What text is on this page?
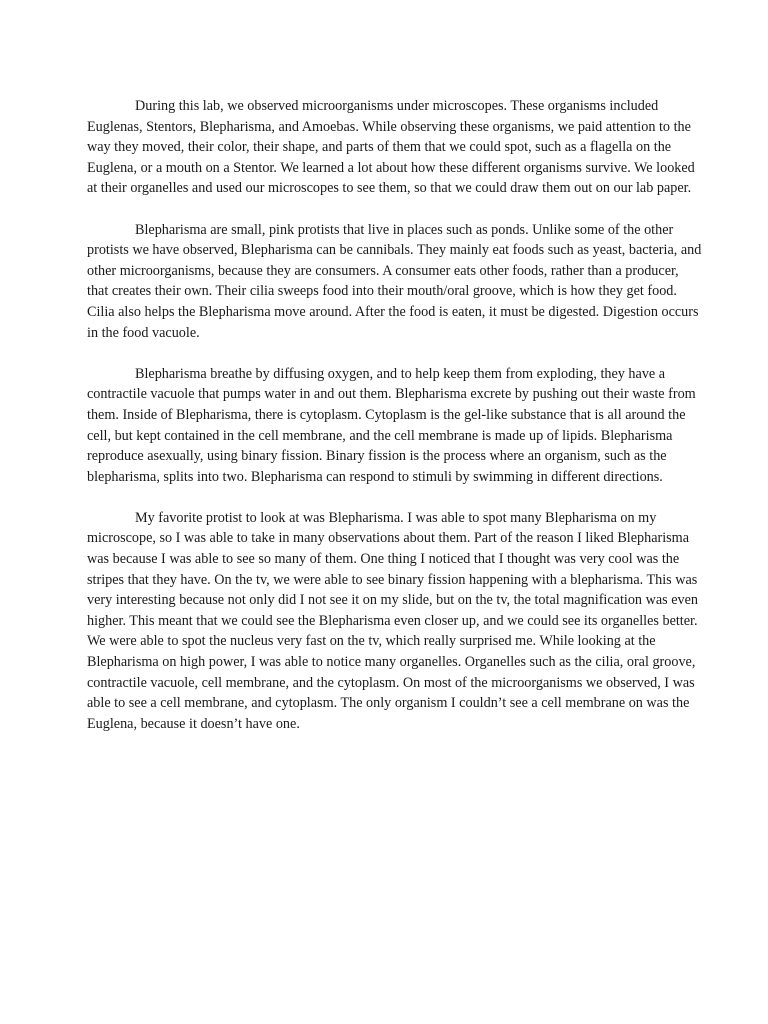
During this lab, we observed microorganisms under microscopes. These organisms included Euglenas, Stentors, Blepharisma, and Amoebas. While observing these organisms, we paid attention to the way they moved, their color, their shape, and parts of them that we could spot, such as a flagella on the Euglena, or a mouth on a Stentor. We learned a lot about how these different organisms survive. We looked at their organelles and used our microscopes to see them, so that we could draw them out on our lab paper.

Blepharisma are small, pink protists that live in places such as ponds. Unlike some of the other protists we have observed, Blepharisma can be cannibals. They mainly eat foods such as yeast, bacteria, and other microorganisms, because they are consumers. A consumer eats other foods, rather than a producer, that creates their own. Their cilia sweeps food into their mouth/oral groove, which is how they get food. Cilia also helps the Blepharisma move around. After the food is eaten, it must be digested. Digestion occurs in the food vacuole.

Blepharisma breathe by diffusing oxygen, and to help keep them from exploding, they have a contractile vacuole that pumps water in and out them. Blepharisma excrete by pushing out their waste from them. Inside of Blepharisma, there is cytoplasm. Cytoplasm is the gel-like substance that is all around the cell, but kept contained in the cell membrane, and the cell membrane is made up of lipids. Blepharisma reproduce asexually, using binary fission. Binary fission is the process where an organism, such as the blepharisma, splits into two. Blepharisma can respond to stimuli by swimming in different directions.

My favorite protist to look at was Blepharisma. I was able to spot many Blepharisma on my microscope, so I was able to take in many observations about them. Part of the reason I liked Blepharisma was because I was able to see so many of them. One thing I noticed that I thought was very cool was the stripes that they have. On the tv, we were able to see binary fission happening with a blepharisma. This was very interesting because not only did I not see it on my slide, but on the tv, the total magnification was even higher. This meant that we could see the Blepharisma even closer up, and we could see its organelles better. We were able to spot the nucleus very fast on the tv, which really surprised me. While looking at the Blepharisma on high power, I was able to notice many organelles. Organelles such as the cilia, oral groove, contractile vacuole, cell membrane, and the cytoplasm. On most of the microorganisms we observed, I was able to see a cell membrane, and cytoplasm. The only organism I couldn’t see a cell membrane on was the Euglena, because it doesn’t have one.
